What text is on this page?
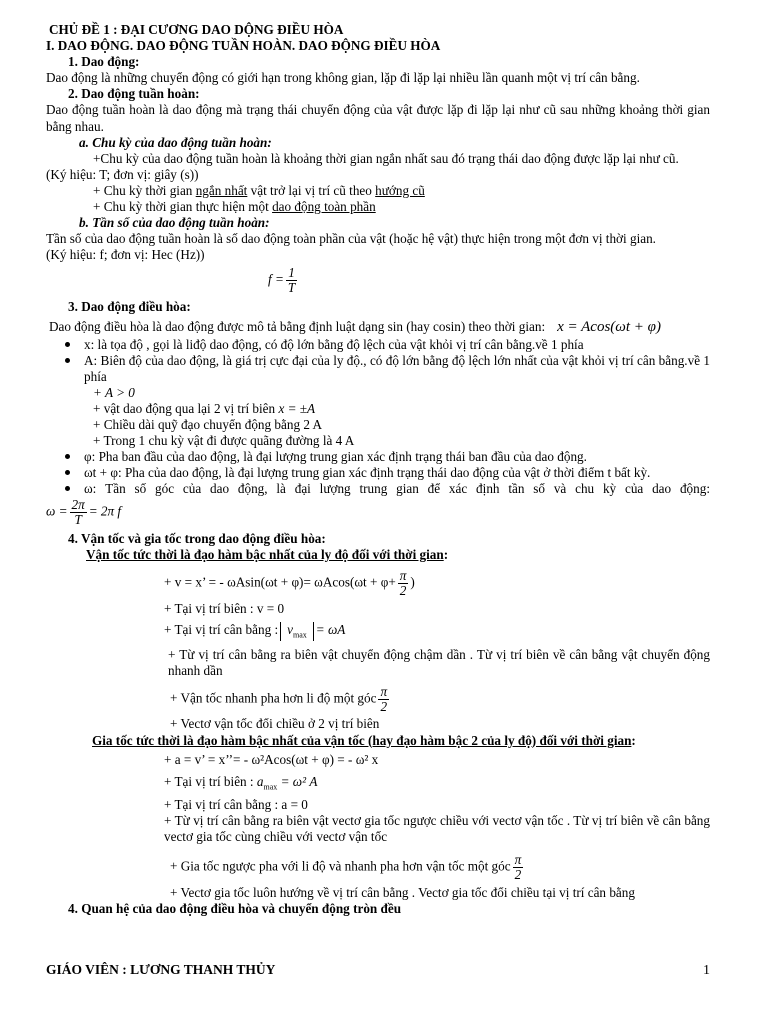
CHỦ ĐỀ 1 : ĐẠI CƯƠNG DAO DỘNG ĐIỀU HÒA

I. DAO ĐỘNG. DAO ĐỘNG TUẦN HOÀN. DAO ĐỘNG ĐIỀU HÒA

1. Dao động:

Dao động là những chuyển động có giới hạn trong không gian, lặp đi lặp lại nhiều lần quanh một vị trí cân bằng.

2. Dao động tuần hoàn:

Dao động tuần hoàn là dao động mà trạng thái chuyển động của vật được lặp đi lặp lại như cũ sau những khoảng thời gian bằng nhau.

a. Chu kỳ của dao động tuần hoàn:

+Chu kỳ của dao động tuần hoàn là khoảng thời gian ngắn nhất sau đó trạng thái dao động được lặp lại như cũ.

(Ký hiệu: T; đơn vị: giây (s))

+ Chu kỳ thời gian ngắn nhất vật trở lại vị trí cũ theo hướng cũ

+ Chu kỳ thời gian thực hiện một dao động toàn phần

b. Tần số của dao động tuần hoàn:

Tần số của dao động tuần hoàn là số dao động toàn phần của vật (hoặc hệ vật) thực hiện trong một đơn vị thời gian.

(Ký hiệu: f; đơn vị: Hec (Hz))

$f = \frac{1}{T}$

3. Dao động điều hòa:

Dao động điều hòa là dao động được mô tả bằng định luật dạng sin (hay cosin) theo thời gian: x = Acos(ωt + φ)

x: là tọa độ , gọi là liđộ dao động, có độ lớn bằng độ lệch của vật khỏi vị trí cân bằng.về 1 phía

A: Biên độ của dao động, là giá trị cực đại của ly độ., có độ lớn bằng độ lệch lớn nhất của vật khỏi vị trí cân bằng.về 1 phía

+ A > 0

+ vật dao động qua lại 2 vị trí biên x = ±A

+ Chiều dài quỹ đạo chuyển động bằng 2 A

+ Trong 1 chu kỳ vật đi được quãng đường là 4 A

φ: Pha ban đầu của dao động, là đại lượng trung gian xác định trạng thái ban đầu của dao động.

ωt + φ: Pha của dao động, là đại lượng trung gian xác định trạng thái dao động của vật ở thời điểm t bất kỳ.

ω: Tần số góc của dao động, là đại lượng trung gian để xác định tần số và chu kỳ của dao động:

$\omega = \frac{2\pi}{T} = 2\pi$ f

4. Vận tốc và gia tốc trong dao động điều hòa:

Vận tốc tức thời là đạo hàm bậc nhất của ly độ đối với thời gian:

+ v = x’ = - $\omega Asin(\omega t + \varphi)= \omega Acos(\omega t + \varphi+ \frac{\pi}{2}$ )

+ Tại vị trí biên : v = 0

+ Tại vị trí cân bằng : $v_{max} = \omega A$

+ Từ vị trí cân bằng ra biên vật chuyển động chậm dần . Từ vị trí biên về cân bằng vật chuyển động nhanh dần

+ Vận tốc nhanh pha hơn li độ một góc $\frac{\pi}{2}$

+ Vectơ vận tốc đổi chiều ở 2 vị trí biên

Gia tốc tức thời là đạo hàm bậc nhất của vận tốc (hay đạo hàm bậc 2 của ly độ) đối với thời gian:

+ a = v’ = x’’= - ω²Acos(ωt + φ) = - ω² x

+ Tại vị trí biên : $a_{max} = \omega^2$ A

+ Tại vị trí cân bằng : a = 0

+ Từ vị trí cân bằng ra biên vật vectơ gia tốc ngược chiều với vectơ vận tốc . Từ vị trí biên về cân bằng vectơ gia tốc cùng chiều với vectơ vận tốc

+ Gia tốc ngược pha với li độ và nhanh pha hơn vận tốc một góc $\frac{\pi}{2}$

+ Vectơ gia tốc luôn hướng về vị trí cân bằng . Vectơ gia tốc đổi chiều tại vị trí cân bằng

4. Quan hệ của dao động điều hòa và chuyển động tròn đều

GIÁO VIÊN : LƯƠNG THANH THỦY	1
